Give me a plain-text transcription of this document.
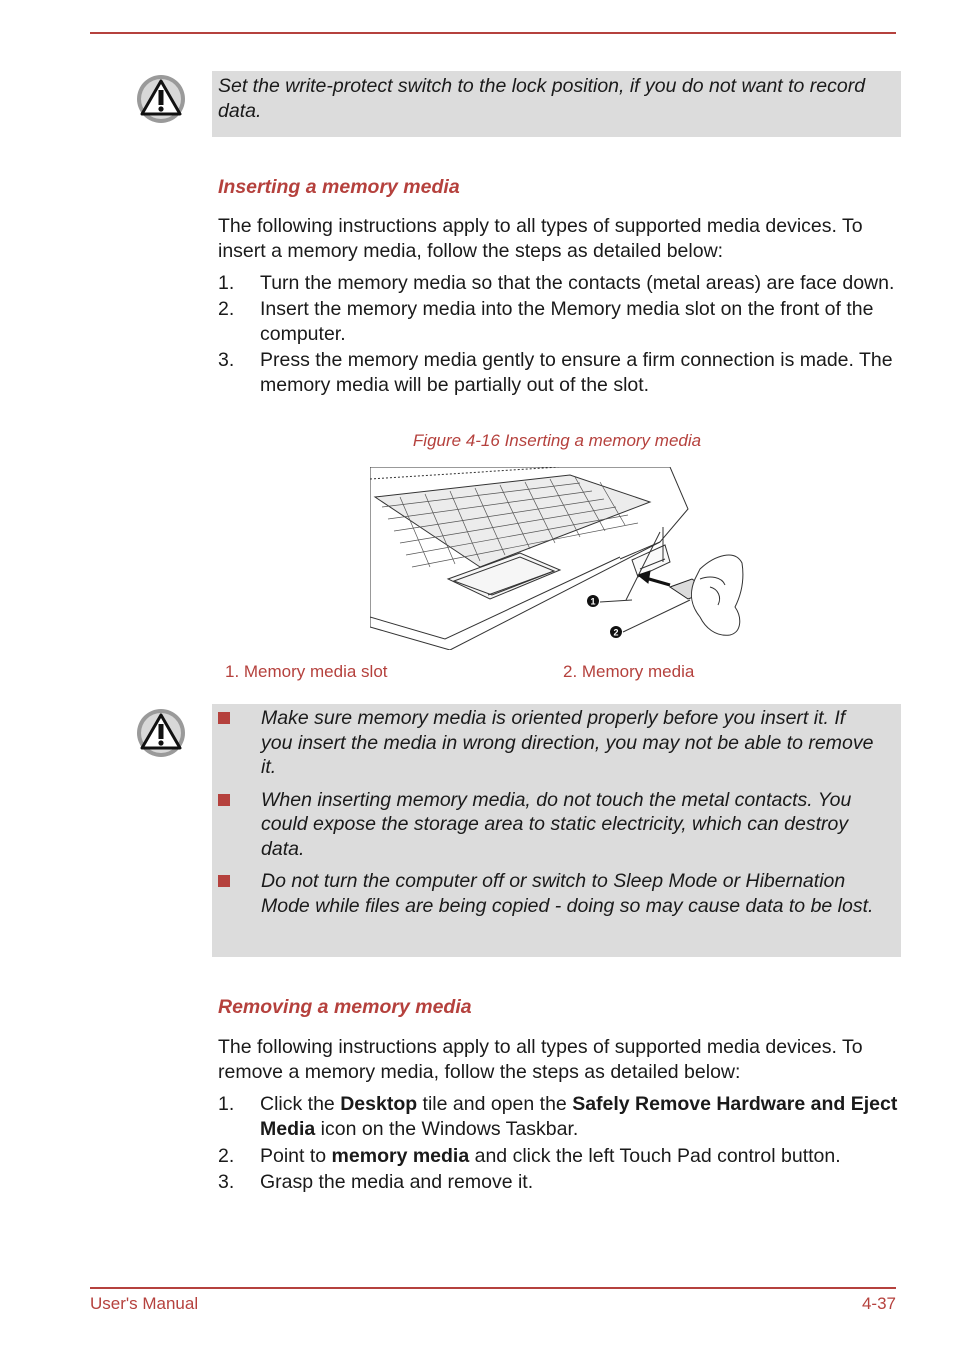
Set the write-protect switch to the lock position, if you do not want to record data.
Inserting a memory media
The following instructions apply to all types of supported media devices. To insert a memory media, follow the steps as detailed below:
1. Turn the memory media so that the contacts (metal areas) are face down.
2. Insert the memory media into the Memory media slot on the front of the computer.
3. Press the memory media gently to ensure a firm connection is made. The memory media will be partially out of the slot.
Figure 4-16 Inserting a memory media
1
2
1. Memory media slot	2. Memory media
Make sure memory media is oriented properly before you insert it. If you insert the media in wrong direction, you may not be able to remove it.
When inserting memory media, do not touch the metal contacts. You could expose the storage area to static electricity, which can destroy data.
Do not turn the computer off or switch to Sleep Mode or Hibernation Mode while files are being copied - doing so may cause data to be lost.
Removing a memory media
The following instructions apply to all types of supported media devices. To remove a memory media, follow the steps as detailed below:
1. Click the Desktop tile and open the Safely Remove Hardware and Eject Media icon on the Windows Taskbar.
2. Point to memory media and click the left Touch Pad control button.
3. Grasp the media and remove it.
User's Manual	4-37
